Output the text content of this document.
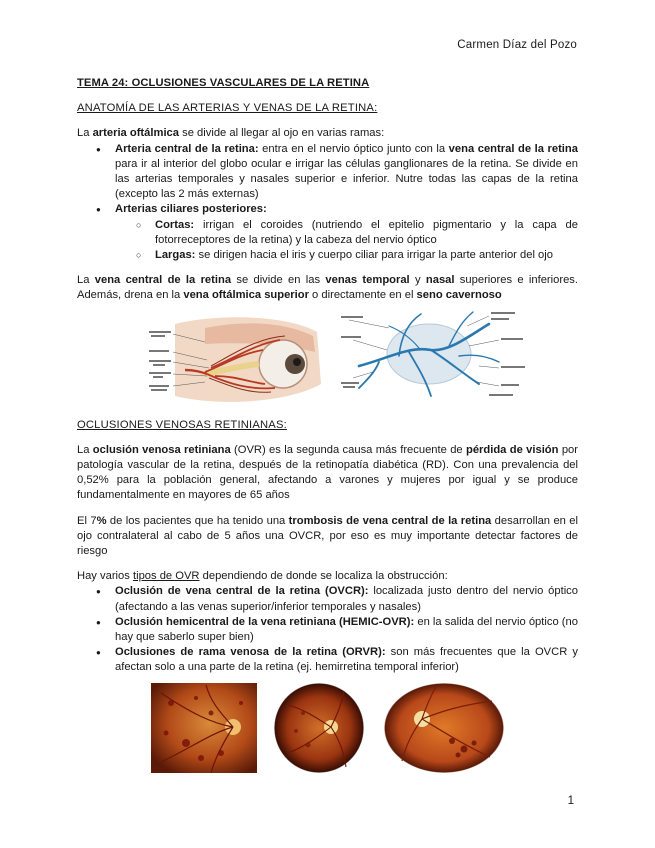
Carmen Díaz del Pozo

TEMA 24: OCLUSIONES VASCULARES DE LA RETINA

ANATOMÍA DE LAS ARTERIAS Y VENAS DE LA RETINA:

La arteria oftálmica se divide al llegar al ojo en varias ramas:

● Arteria central de la retina: entra en el nervio óptico junto con la vena central de la retina para ir al interior del globo ocular e irrigar las células ganglionares de la retina. Se divide en las arterias temporales y nasales superior e inferior. Nutre todas las capas de la retina (excepto las 2 más externas)
● Arterias ciliares posteriores:
○ Cortas: irrigan el coroides (nutriendo el epitelio pigmentario y la capa de fotorreceptores de la retina) y la cabeza del nervio óptico
○ Largas: se dirigen hacia el iris y cuerpo ciliar para irrigar la parte anterior del ojo

La vena central de la retina se divide en las venas temporal y nasal superiores e inferiores. Además, drena en la vena oftálmica superior o directamente en el seno cavernoso

OCLUSIONES VENOSAS RETINIANAS:

La oclusión venosa retiniana (OVR) es la segunda causa más frecuente de pérdida de visión por patología vascular de la retina, después de la retinopatía diabética (RD). Con una prevalencia del 0,52% para la población general, afectando a varones y mujeres por igual y se produce fundamentalmente en mayores de 65 años

El 7% de los pacientes que ha tenido una trombosis de vena central de la retina desarrollan en el ojo contralateral al cabo de 5 años una OVCR, por eso es muy importante detectar factores de riesgo

Hay varios tipos de OVR dependiendo de donde se localiza la obstrucción:

● Oclusión de vena central de la retina (OVCR): localizada justo dentro del nervio óptico (afectando a las venas superior/inferior temporales y nasales)
● Oclusión hemicentral de la vena retiniana (HEMIC-OVR): en la salida del nervio óptico (no hay que saberlo super bien)
● Oclusiones de rama venosa de la retina (ORVR): son más frecuentes que la OVCR y afectan solo a una parte de la retina (ej. hemirretina temporal inferior)
1
